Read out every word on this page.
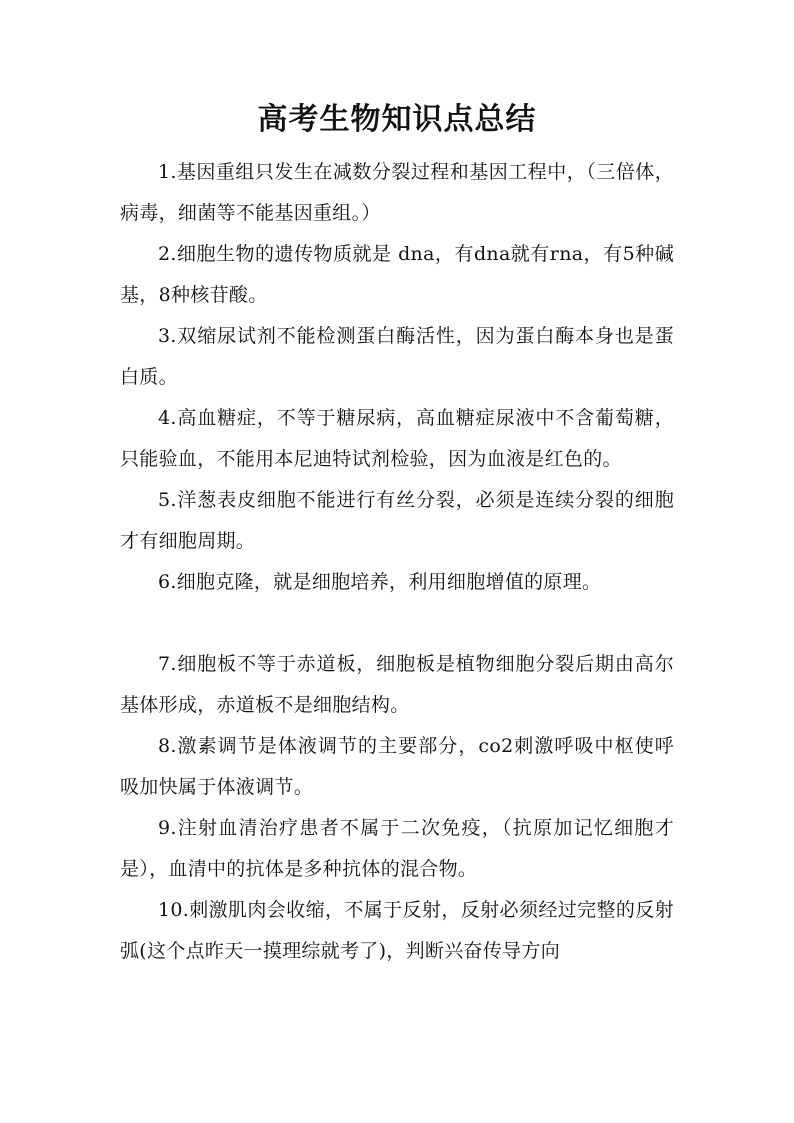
高考生物知识点总结

1.基因重组只发生在减数分裂过程和基因工程中，（三倍体，病毒，细菌等不能基因重组。）

2.细胞生物的遗传物质就是 dna，有dna就有rna，有5种碱基，8种核苷酸。

3.双缩尿试剂不能检测蛋白酶活性，因为蛋白酶本身也是蛋白质。

4.高血糖症，不等于糖尿病，高血糖症尿液中不含葡萄糖，只能验血，不能用本尼迪特试剂检验，因为血液是红色的。

5.洋葱表皮细胞不能进行有丝分裂，必须是连续分裂的细胞才有细胞周期。

6.细胞克隆，就是细胞培养，利用细胞增值的原理。

7.细胞板不等于赤道板，细胞板是植物细胞分裂后期由高尔基体形成，赤道板不是细胞结构。

8.激素调节是体液调节的主要部分，co2刺激呼吸中枢使呼吸加快属于体液调节。

9.注射血清治疗患者不属于二次免疫，（抗原加记忆细胞才是），血清中的抗体是多种抗体的混合物。

10.刺激肌肉会收缩，不属于反射，反射必须经过完整的反射弧(这个点昨天一摸理综就考了)，判断兴奋传导方向
